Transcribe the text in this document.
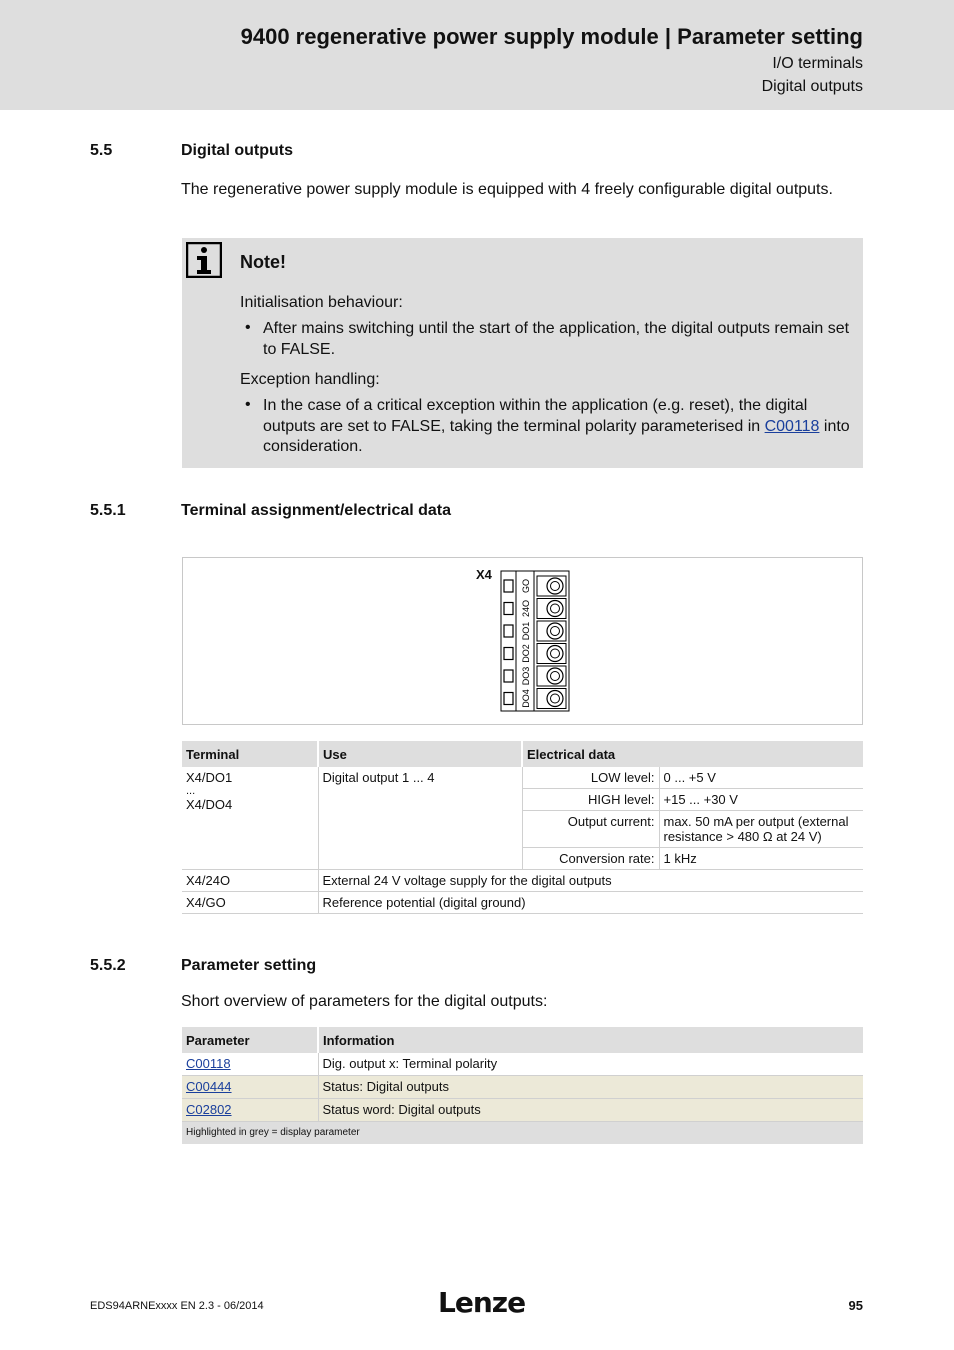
9400 regenerative power supply module | Parameter setting
I/O terminals
Digital outputs
5.5	Digital outputs

The regenerative power supply module is equipped with 4 freely configurable digital outputs.

Note!
Initialisation behaviour:
• After mains switching until the start of the application, the digital outputs remain set to FALSE.
Exception handling:
• In the case of a critical exception within the application (e.g. reset), the digital outputs are set to FALSE, taking the terminal polarity parameterised in C00118 into consideration.
5.5.1	Terminal assignment/electrical data
X4
GO
24O
DO1
DO2
DO3
DO4
Terminal	Use	Electrical data	

X4/DO1
...
X4/DO4	Digital output 1 ... 4	LOW level:	0 ... +5 V
		HIGH level:	+15 ... +30 V
		Output current:	max. 50 mA per output (external resistance > 480 Ω at 24 V)
		Conversion rate:	1 kHz
X4/24O	External 24 V voltage supply for the digital outputs		
X4/GO	Reference potential (digital ground)		
5.5.2	Parameter setting

Short overview of parameters for the digital outputs:

Parameter	Information
C00118	Dig. output x: Terminal polarity
C00444	Status: Digital outputs
C02802	Status word: Digital outputs
Highlighted in grey = display parameter	
EDS94ARNExxxx EN 2.3 - 06/2014	Lenze	95
